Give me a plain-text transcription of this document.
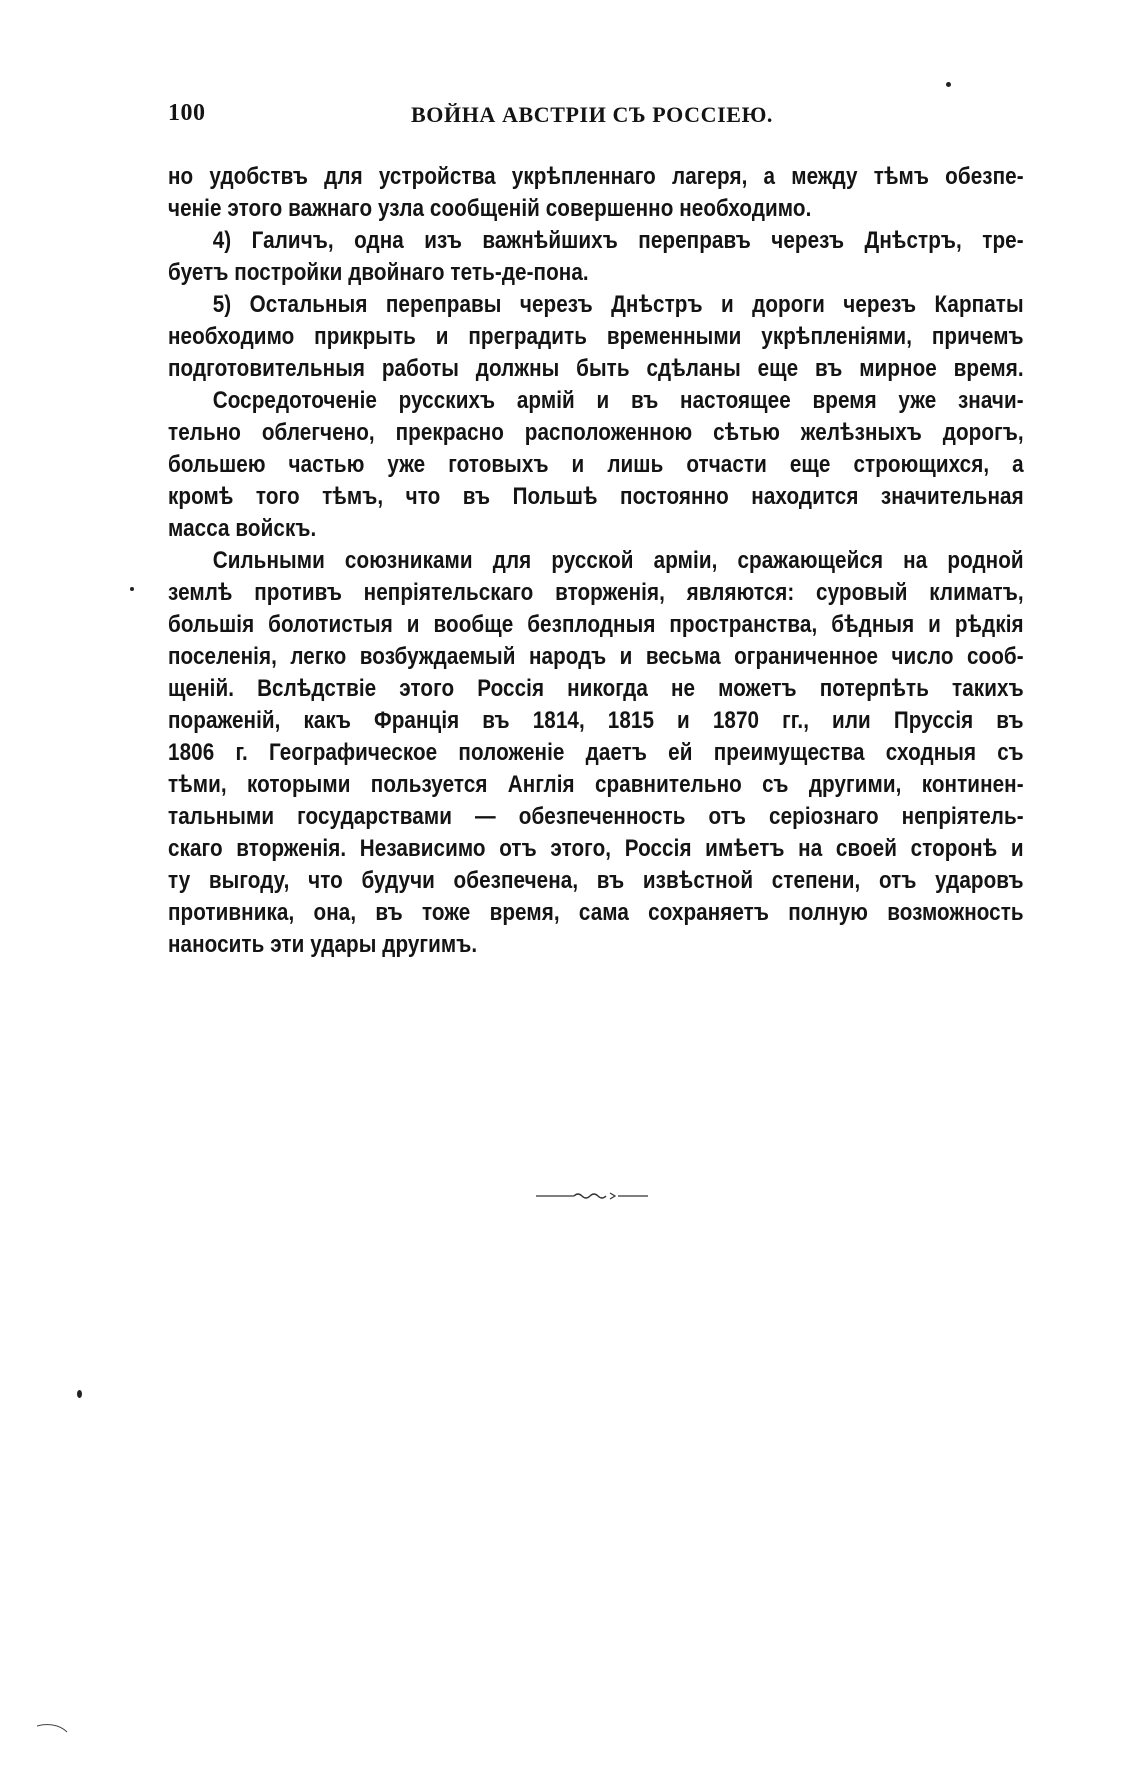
100	ВОЙНА АВСТРІИ СЪ РОССІЕЮ.
но удобствъ для устройства укрѣпленнаго лагеря, а между тѣмъ обезпе-
ченіе этого важнаго узла сообщеній совершенно необходимо.
4) Галичъ, одна изъ важнѣйшихъ переправъ черезъ Днѣстръ, тре-
буетъ постройки двойнаго теть-де-пона.
5) Остальныя переправы черезъ Днѣстръ и дороги черезъ Карпаты
необходимо прикрыть и преградить временными укрѣпленіями, причемъ
подготовительныя работы должны быть сдѣланы еще въ мирное время.
Сосредоточеніе русскихъ армій и въ настоящее время уже значи-
тельно облегчено, прекрасно расположенною сѣтью желѣзныхъ дорогъ,
большею частью уже готовыхъ и лишь отчасти еще строющихся, а
кромѣ того тѣмъ, что въ Польшѣ постоянно находится значительная
масса войскъ.
Сильными союзниками для русской арміи, сражающейся на родной
землѣ противъ непріятельскаго вторженія, являются: суровый климатъ,
большія болотистыя и вообще безплодныя пространства, бѣдныя и рѣдкія
поселенія, легко возбуждаемый народъ и весьма ограниченное число сооб-
щеній. Вслѣдствіе этого Россія никогда не можетъ потерпѣть такихъ
пораженій, какъ Франція въ 1814, 1815 и 1870 гг., или Пруссія въ
1806 г. Географическое положеніе даетъ ей преимущества сходныя съ
тѣми, которыми пользуется Англія сравнительно съ другими, континен-
тальными государствами — обезпеченность отъ серіознаго непріятель-
скаго вторженія. Независимо отъ этого, Россія имѣетъ на своей сторонѣ и
ту выгоду, что будучи обезпечена, въ извѣстной степени, отъ ударовъ
противника, она, въ тоже время, сама сохраняетъ полную возможность
наносить эти удары другимъ.
